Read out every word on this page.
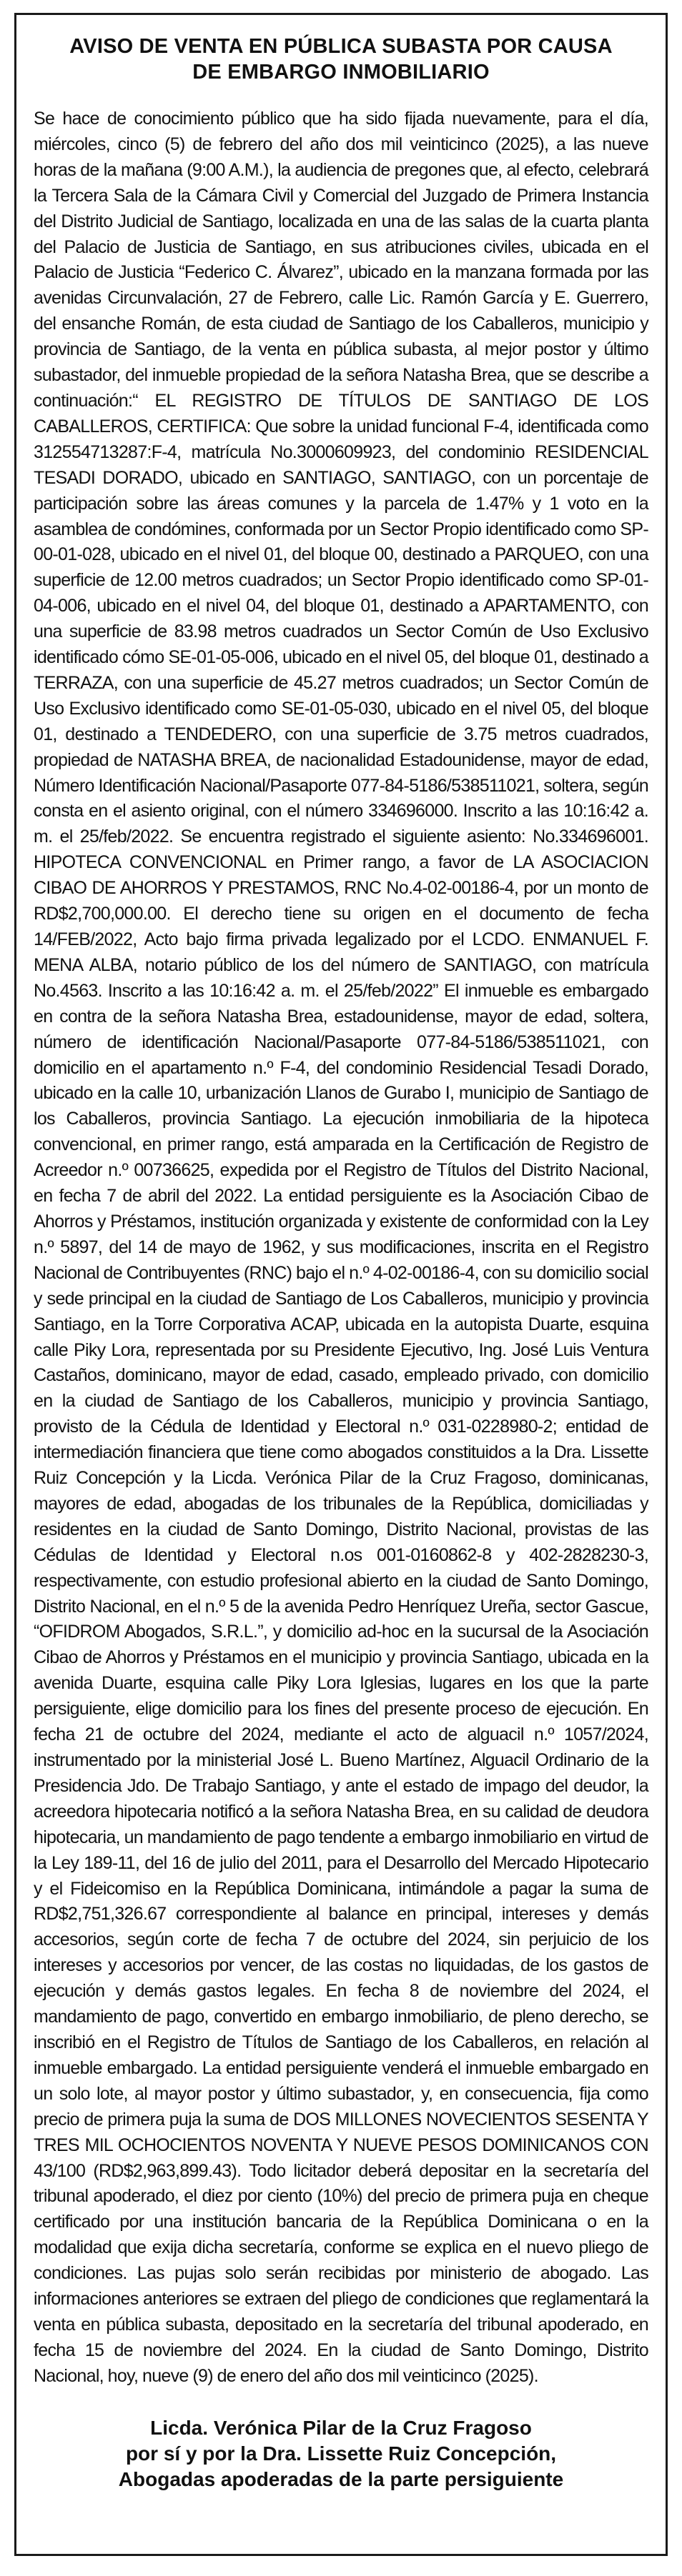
AVISO DE VENTA EN PÚBLICA SUBASTA POR CAUSA
DE EMBARGO INMOBILIARIO

Se hace de conocimiento público que ha sido fijada nuevamente, para el día, miércoles, cinco (5) de febrero del año dos mil veinticinco (2025), a las nueve horas de la mañana (9:00 A.M.), la audiencia de pregones que, al efecto, celebrará la Tercera Sala de la Cámara Civil y Comercial del Juzgado de Primera Instancia del Distrito Judicial de Santiago, localizada en una de las salas de la cuarta planta del Palacio de Justicia de Santiago, en sus atribuciones civiles, ubicada en el Palacio de Justicia “Federico C. Álvarez”, ubicado en la manzana formada por las avenidas Circunvalación, 27 de Febrero, calle Lic. Ramón García y E. Guerrero, del ensanche Román, de esta ciudad de Santiago de los Caballeros, municipio y provincia de Santiago, de la venta en pública subasta, al mejor postor y último subastador, del inmueble propiedad de la señora Natasha Brea, que se describe a continuación:“ EL REGISTRO DE TÍTULOS DE SANTIAGO DE LOS CABALLEROS, CERTIFICA: Que sobre la unidad funcional F-4, identificada como 312554713287:F-4, matrícula No.3000609923, del condominio RESIDENCIAL TESADI DORADO, ubicado en SANTIAGO, SANTIAGO, con un porcentaje de participación sobre las áreas comunes y la parcela de 1.47% y 1 voto en la asamblea de condómines, conformada por un Sector Propio identificado como SP-00-01-028, ubicado en el nivel 01, del bloque 00, destinado a PARQUEO, con una superficie de 12.00 metros cuadrados; un Sector Propio identificado como SP-01-04-006, ubicado en el nivel 04, del bloque 01, destinado a APARTAMENTO, con una superficie de 83.98 metros cuadrados un Sector Común de Uso Exclusivo identificado cómo SE-01-05-006, ubicado en el nivel 05, del bloque 01, destinado a TERRAZA, con una superficie de 45.27 metros cuadrados; un Sector Común de Uso Exclusivo identificado como SE-01-05-030, ubicado en el nivel 05, del bloque 01, destinado a TENDEDERO, con una superficie de 3.75 metros cuadrados, propiedad de NATASHA BREA, de nacionalidad Estadounidense, mayor de edad, Número Identificación Nacional/Pasaporte 077-84-5186/538511021, soltera, según consta en el asiento original, con el número 334696000. Inscrito a las 10:16:42 a. m. el 25/feb/2022. Se encuentra registrado el siguiente asiento: No.334696001. HIPOTECA CONVENCIONAL en Primer rango, a favor de LA ASOCIACION CIBAO DE AHORROS Y PRESTAMOS, RNC No.4-02-00186-4, por un monto de RD$2,700,000.00. El derecho tiene su origen en el documento de fecha 14/FEB/2022, Acto bajo firma privada legalizado por el LCDO. ENMANUEL F. MENA ALBA, notario público de los del número de SANTIAGO, con matrícula No.4563. Inscrito a las 10:16:42 a. m. el 25/feb/2022” El inmueble es embargado en contra de la señora Natasha Brea, estadounidense, mayor de edad, soltera, número de identificación Nacional/Pasaporte 077-84-5186/538511021, con domicilio en el apartamento n.º F-4, del condominio Residencial Tesadi Dorado, ubicado en la calle 10, urbanización Llanos de Gurabo I, municipio de Santiago de los Caballeros, provincia Santiago. La ejecución inmobiliaria de la hipoteca convencional, en primer rango, está amparada en la Certificación de Registro de Acreedor n.º 00736625, expedida por el Registro de Títulos del Distrito Nacional, en fecha 7 de abril del 2022. La entidad persiguiente es la Asociación Cibao de Ahorros y Préstamos, institución organizada y existente de conformidad con la Ley n.º 5897, del 14 de mayo de 1962, y sus modificaciones, inscrita en el Registro Nacional de Contribuyentes (RNC) bajo el n.º 4-02-00186-4, con su domicilio social y sede principal en la ciudad de Santiago de Los Caballeros, municipio y provincia Santiago, en la Torre Corporativa ACAP, ubicada en la autopista Duarte, esquina calle Piky Lora, representada por su Presidente Ejecutivo, Ing. José Luis Ventura Castaños, dominicano, mayor de edad, casado, empleado privado, con domicilio en la ciudad de Santiago de los Caballeros, municipio y provincia Santiago, provisto de la Cédula de Identidad y Electoral n.º 031-0228980-2; entidad de intermediación financiera que tiene como abogados constituidos a la Dra. Lissette Ruiz Concepción y la Licda. Verónica Pilar de la Cruz Fragoso, dominicanas, mayores de edad, abogadas de los tribunales de la República, domiciliadas y residentes en la ciudad de Santo Domingo, Distrito Nacional, provistas de las Cédulas de Identidad y Electoral n.os 001-0160862-8 y 402-2828230-3, respectivamente, con estudio profesional abierto en la ciudad de Santo Domingo, Distrito Nacional, en el n.º 5 de la avenida Pedro Henríquez Ureña, sector Gascue, “OFIDROM Abogados, S.R.L.”, y domicilio ad-hoc en la sucursal de la Asociación Cibao de Ahorros y Préstamos en el municipio y provincia Santiago, ubicada en la avenida Duarte, esquina calle Piky Lora Iglesias, lugares en los que la parte persiguiente, elige domicilio para los fines del presente proceso de ejecución. En fecha 21 de octubre del 2024, mediante el acto de alguacil n.º 1057/2024, instrumentado por la ministerial José L. Bueno Martínez, Alguacil Ordinario de la Presidencia Jdo. De Trabajo Santiago, y ante el estado de impago del deudor, la acreedora hipotecaria notificó a la señora Natasha Brea, en su calidad de deudora hipotecaria, un mandamiento de pago tendente a embargo inmobiliario en virtud de la Ley 189-11, del 16 de julio del 2011, para el Desarrollo del Mercado Hipotecario y el Fideicomiso en la República Dominicana, intimándole a pagar la suma de RD$2,751,326.67 correspondiente al balance en principal, intereses y demás accesorios, según corte de fecha 7 de octubre del 2024, sin perjuicio de los intereses y accesorios por vencer, de las costas no liquidadas, de los gastos de ejecución y demás gastos legales. En fecha 8 de noviembre del 2024, el mandamiento de pago, convertido en embargo inmobiliario, de pleno derecho, se inscribió en el Registro de Títulos de Santiago de los Caballeros, en relación al inmueble embargado. La entidad persiguiente venderá el inmueble embargado en un solo lote, al mayor postor y último subastador, y, en consecuencia, fija como precio de primera puja la suma de DOS MILLONES NOVECIENTOS SESENTA Y TRES MIL OCHOCIENTOS NOVENTA Y NUEVE PESOS DOMINICANOS CON 43/100 (RD$2,963,899.43). Todo licitador deberá depositar en la secretaría del tribunal apoderado, el diez por ciento (10%) del precio de primera puja en cheque certificado por una institución bancaria de la República Dominicana o en la modalidad que exija dicha secretaría, conforme se explica en el nuevo pliego de condiciones. Las pujas solo serán recibidas por ministerio de abogado. Las informaciones anteriores se extraen del pliego de condiciones que reglamentará la venta en pública subasta, depositado en la secretaría del tribunal apoderado, en fecha 15 de noviembre del 2024. En la ciudad de Santo Domingo, Distrito Nacional, hoy, nueve (9) de enero del año dos mil veinticinco (2025).

Licda. Verónica Pilar de la Cruz Fragoso
por sí y por la Dra. Lissette Ruiz Concepción,
Abogadas apoderadas de la parte persiguiente
